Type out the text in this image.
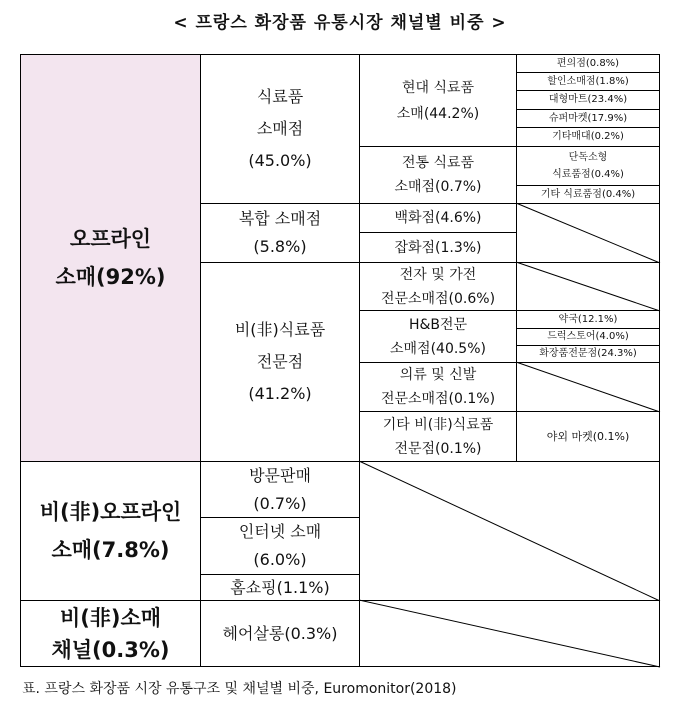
< 프랑스 화장품 유통시장 채널별 비중 >
오프라인
소매(92%)
비(非)오프라인
소매(7.8%)
비(非)소매
채널(0.3%)
식료품
소매점
(45.0%)
복합 소매점
(5.8%)
비(非)식료품
전문점
(41.2%)
방문판매
(0.7%)
인터넷 소매
(6.0%)
홈쇼핑(1.1%)
헤어살롱(0.3%)
현대 식료품
소매(44.2%)
전통 식료품
소매점(0.7%)
백화점(4.6%)
잡화점(1.3%)
전자 및 가전
전문소매점(0.6%)
H&B전문
소매점(40.5%)
의류 및 신발
전문소매점(0.1%)
기타 비(非)식료품
전문점(0.1%)
편의점(0.8%)
할인소매점(1.8%)
대형마트(23.4%)
슈퍼마켓(17.9%)
기타매대(0.2%)
단독소형
식료품점(0.4%)
기타 식료품점(0.4%)
약국(12.1%)
드럭스토어(4.0%)
화장품전문점(24.3%)
야외 마켓(0.1%)
표. 프랑스 화장품 시장 유통구조 및 채널별 비중, Euromonitor(2018)
